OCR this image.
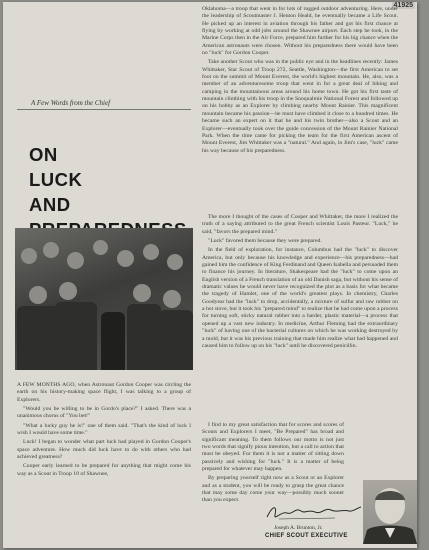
41925

Oklahoma—a troop that went in for lots of rugged outdoor adventuring. Here, under the leadership of Scoutmaster J. Henton Heald, he eventually became a Life Scout. He picked up an interest in aviation through his father and got his first chance at flying by working at odd jobs around the Shawnee airport. Each step he took, in the Marine Corps then in the Air Force, prepared him further for his big chance when the American astronauts were chosen. Without his preparedness there would have been no "luck" for Gordon Cooper.

Take another Scout who was in the public eye and in the headlines recently: James Whittaker, Star Scout of Troop 272, Seattle, Washington—the first American to set foot on the summit of Mount Everest, the world's highest mountain. He, also, was a member of an adventuresome troop that went in for a great deal of hiking and camping in the mountainous areas around his home town. He got his first taste of mountain climbing with his troop in the Snoqualmie National Forest and followed up on his hobby as an Explorer by climbing nearby Mount Rainier. This magnificent mountain became his passion—he must have climbed it close to a hundred times. He became such an expert on it that he and his twin brother—also a Scout and an Explorer—eventually took over the guide concession of the Mount Rainier National Park. When the time came for picking the team for the first American ascent of Mount Everest, Jim Whittaker was a "natural." And again, in Jim's case, "luck" came his way because of his preparedness.

A Few Words from the Chief
ON
LUCK
AND

The more I thought of the cases of Cooper and Whittaker, the more I realized the truth of a saying attributed to the great French scientist Louis Pasteur. "Luck," he said, "favors the prepared mind."

"Luck" favored them because they were prepared.

In the field of exploration, for instance, Columbus had the "luck" to discover America, but only because his knowledge and experience—his preparedness—had gained him the confidence of King Ferdinand and Queen Isabella and persuaded them to finance his journey. In literature, Shakespeare had the "luck" to come upon an English version of a French translation of an old Danish saga, but without his sense of dramatic values he would never have recognized the plot as a basis for what became the tragedy of Hamlet, one of the world's greatest plays. In chemistry, Charles Goodyear had the "luck" to drop, accidentally, a mixture of sulfur and raw rubber on a hot stove, but it took his "prepared mind" to realize that he had come upon a process for turning soft, sticky natural rubber into a harder, plastic material—a process that opened up a vast new industry. In medicine, Arthur Fleming had the extraordinary "luck" of having one of the bacterial cultures on which he was working destroyed by a mold, but it was his previous training that made him realize what had happened and caused him to follow up on his "luck" until he discovered penicillin.

A FEW MONTHS AGO, when Astronaut Gordon Cooper was circling the earth on his history-making space flight, I was talking to a group of Explorers.

"Would you be willing to be in Gordo's place?" I asked. There was a unanimous chorus of "You bet!"

"What a lucky guy he is!" one of them said. "That's the kind of luck I wish I would have some time."

Luck! I began to wonder what part luck had played in Gordon Cooper's space adventure. How much did luck have to do with others who had achieved greatness?

Cooper early learned to be prepared for anything that might come his way as a Scout in Troop 10 of Shawnee,

I find to my great satisfaction that for scores and scores of Scouts and Explorers I meet, "Be Prepared" has broad and significant meaning. To them follows our motto is not just two words that signify pious intention, but a call to action that must be obeyed. For them it is not a matter of sitting down passively and wishing for "luck." It is a matter of being prepared for whatever may happen.

By preparing yourself right now as a Scout or an Explorer and as a student, you will be ready to grasp the great chance that may some day come your way—possibly much sooner than you expect.

Joseph A. Brunton, Jr.
CHIEF SCOUT EXECUTIVE
